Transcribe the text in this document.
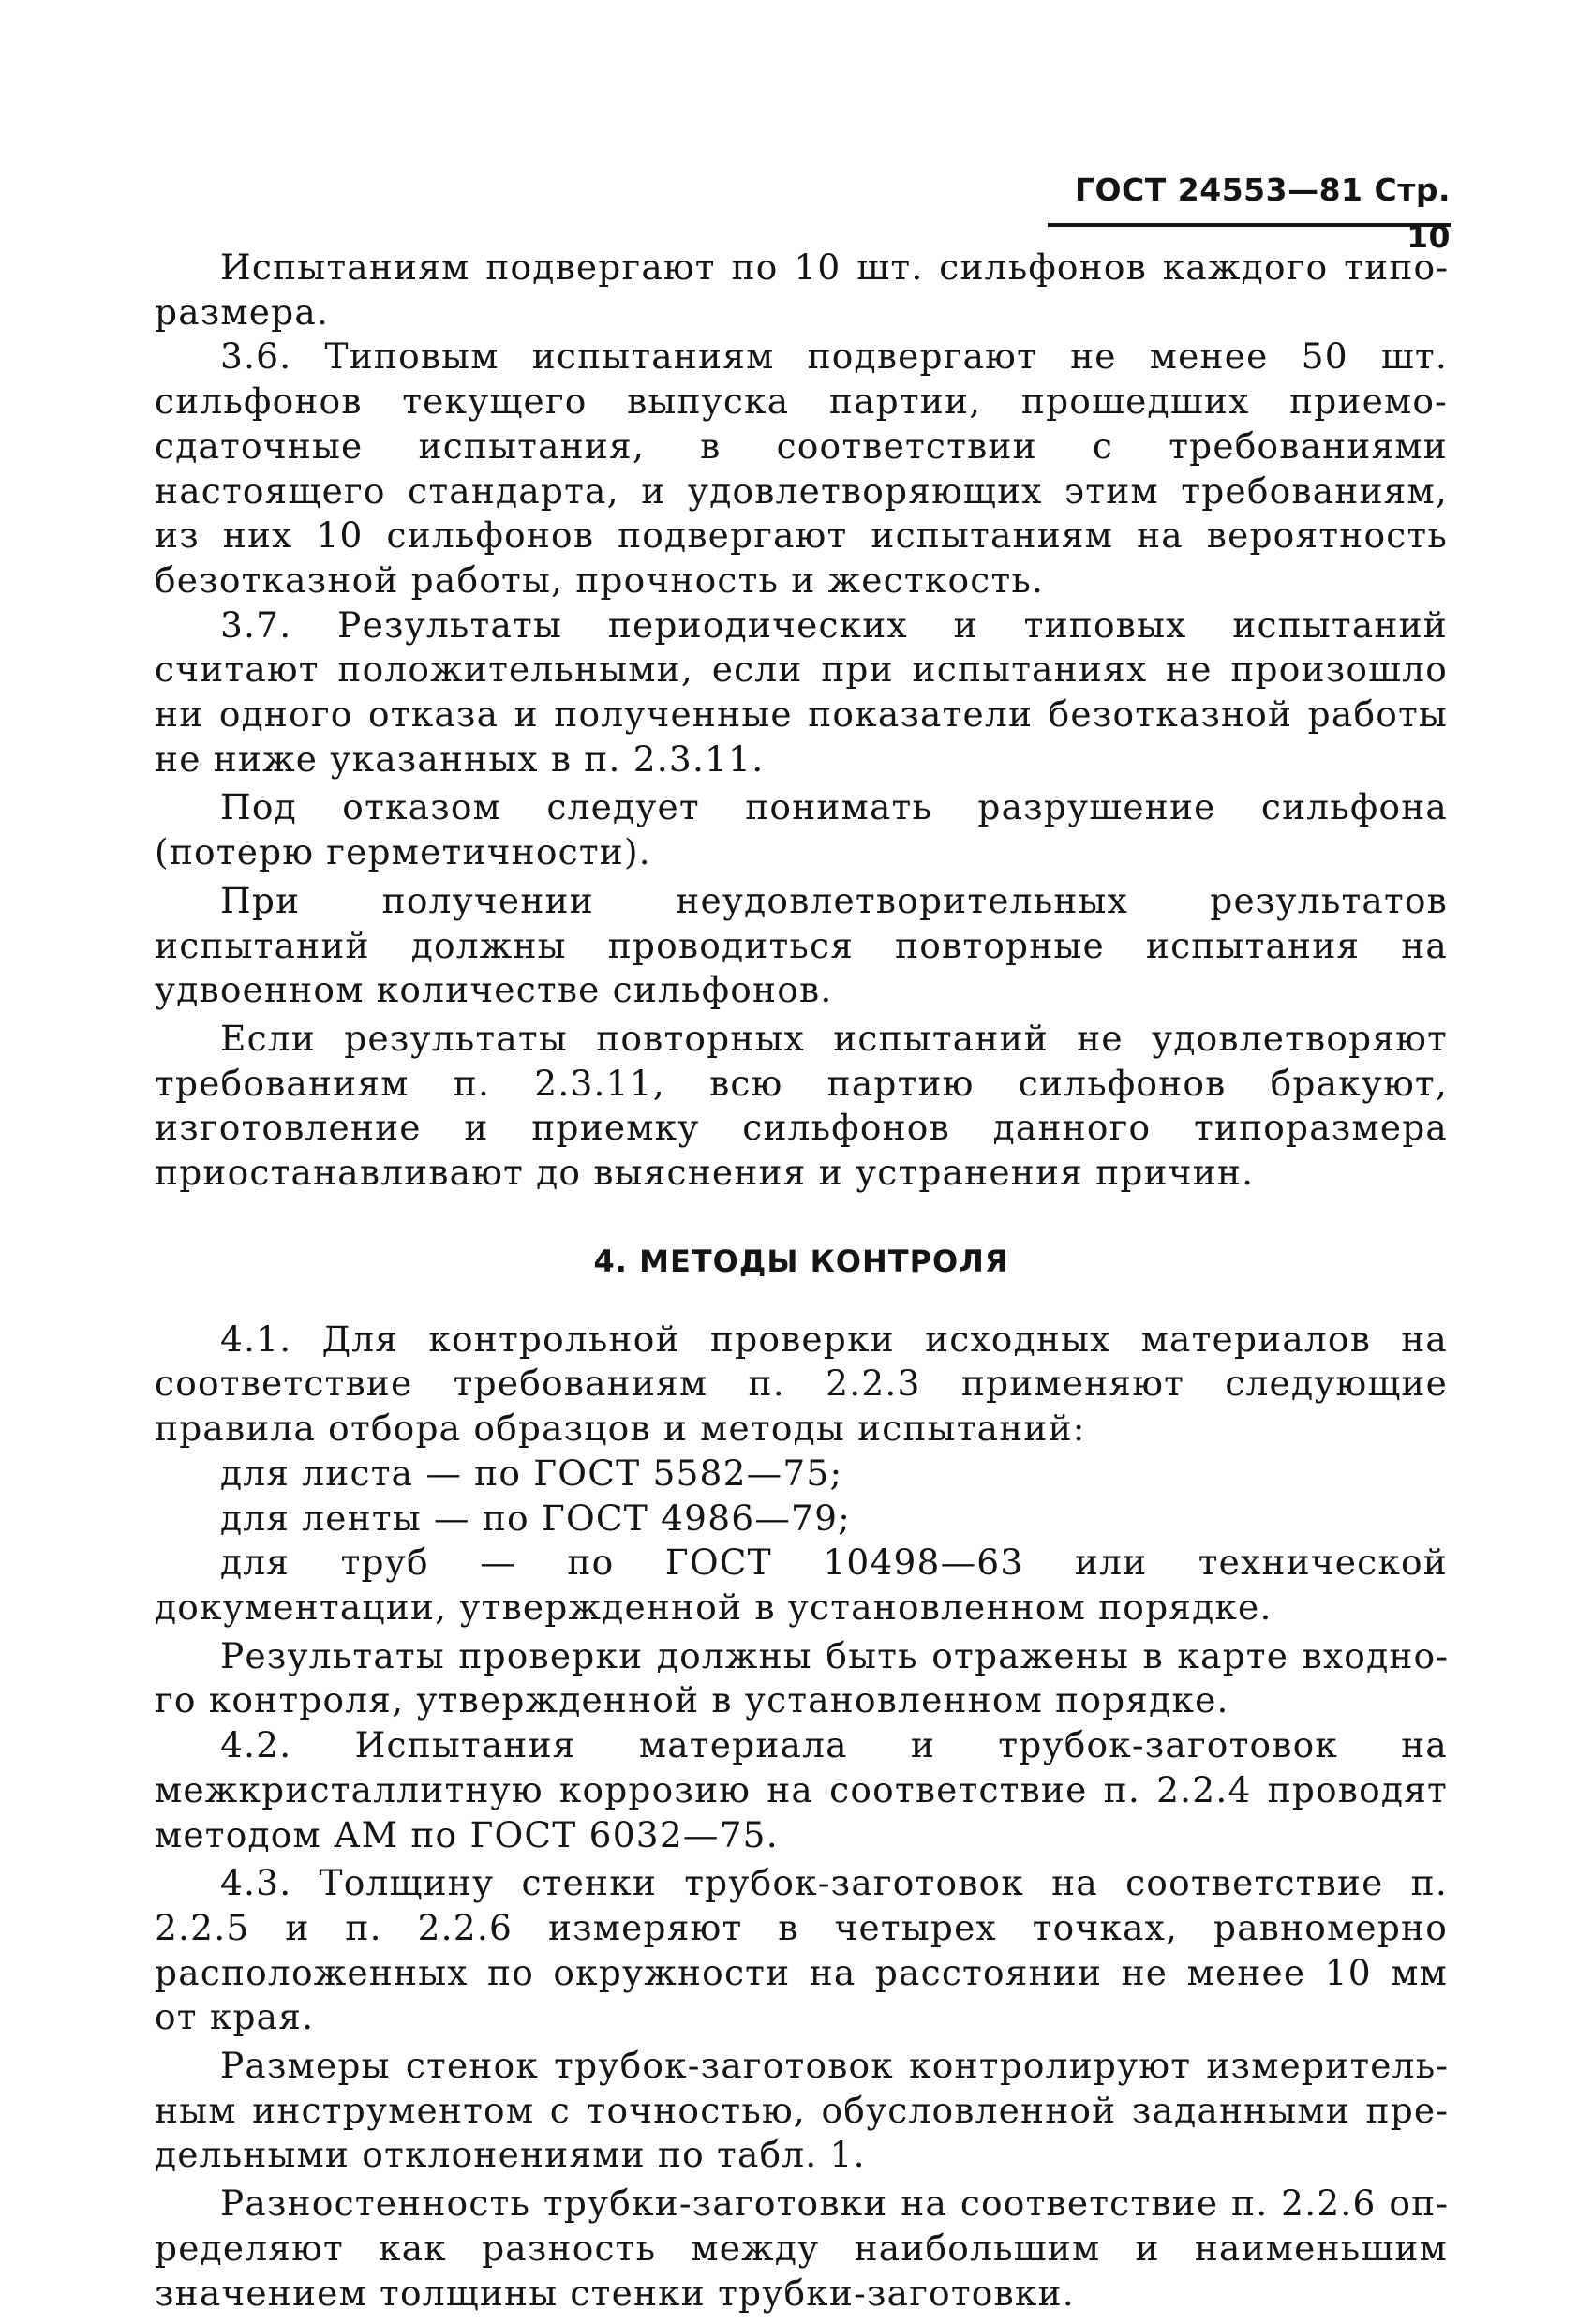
ГОСТ 24553—81 Стр. 10

Испытаниям подвергают по 10 шт. сильфонов каждого типоразмера.

3.6. Типовым испытаниям подвергают не менее 50 шт. сильфонов текущего выпуска партии, прошедших приемо-сдаточные испытания, в соответствии с требованиями настоящего стандарта, и удовлетворяющих этим требованиям, из них 10 сильфонов подвергают испытаниям на вероятность безотказной работы, прочность и жесткость.

3.7. Результаты периодических и типовых испытаний считают положительными, если при испытаниях не произошло ни одного отказа и полученные показатели безотказной работы не ниже указанных в п. 2.3.11.

Под отказом следует понимать разрушение сильфона (потерю герметичности).

При получении неудовлетворительных результатов испытаний должны проводиться повторные испытания на удвоенном количестве сильфонов.

Если результаты повторных испытаний не удовлетворяют требованиям п. 2.3.11, всю партию сильфонов бракуют, изготовление и приемку сильфонов данного типоразмера приостанавливают до выяснения и устранения причин.

4. МЕТОДЫ КОНТРОЛЯ

4.1. Для контрольной проверки исходных материалов на соответствие требованиям п. 2.2.3 применяют следующие правила отбора образцов и методы испытаний:

для листа — по ГОСТ 5582—75;

для ленты — по ГОСТ 4986—79;

для труб — по ГОСТ 10498—63 или технической документации, утвержденной в установленном порядке.

Результаты проверки должны быть отражены в карте входного контроля, утвержденной в установленном порядке.

4.2. Испытания материала и трубок-заготовок на межкристаллитную коррозию на соответствие п. 2.2.4 проводят методом АМ по ГОСТ 6032—75.

4.3. Толщину стенки трубок-заготовок на соответствие п. 2.2.5 и п. 2.2.6 измеряют в четырех точках, равномерно расположенных по окружности на расстоянии не менее 10 мм от края.

Размеры стенок трубок-заготовок контролируют измерительным инструментом с точностью, обусловленной заданными предельными отклонениями по табл. 1.

Разностенность трубки-заготовки на соответствие п. 2.2.6 определяют как разность между наибольшим и наименьшим значением толщины стенки трубки-заготовки.
